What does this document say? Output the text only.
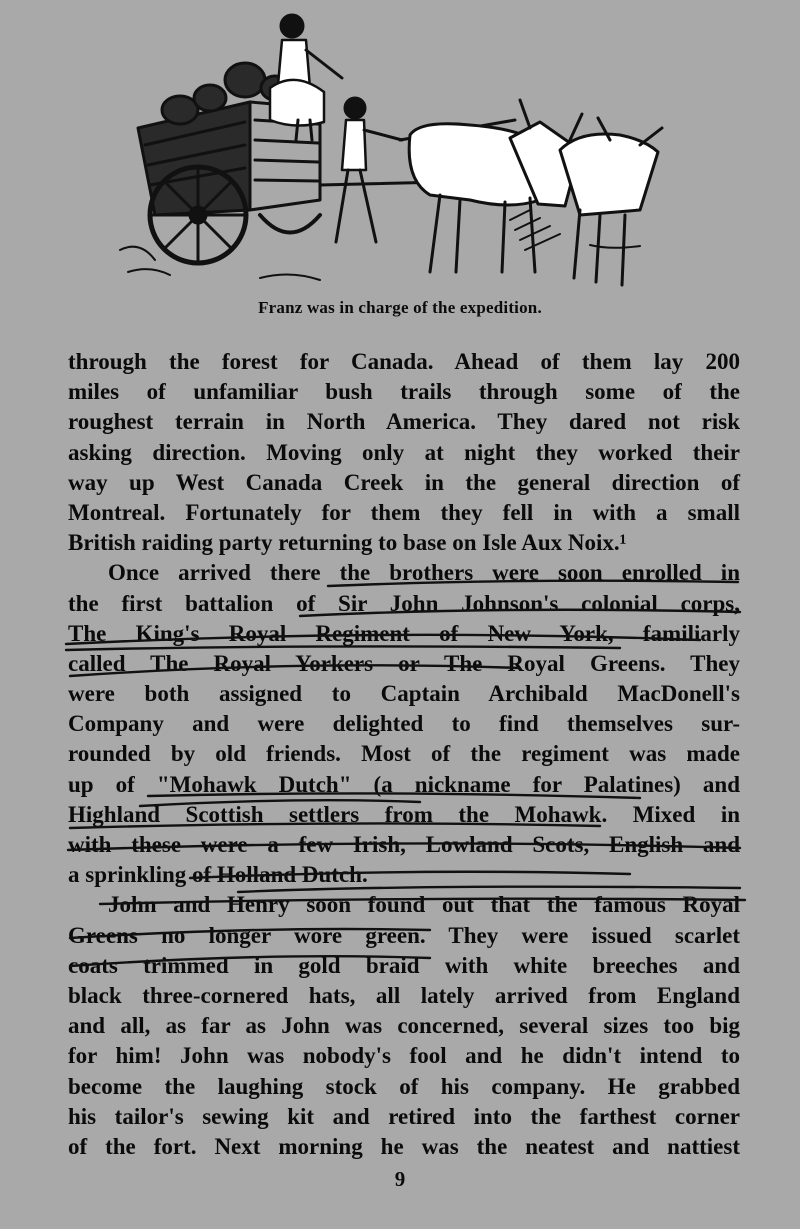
Franz was in charge of the expedition.
through the forest for Canada. Ahead of them lay 200
miles of unfamiliar bush trails through some of the
roughest terrain in North America. They dared not risk
asking direction. Moving only at night they worked their
way up West Canada Creek in the general direction of
Montreal. Fortunately for them they fell in with a small
British raiding party returning to base on Isle Aux Noix.¹
Once arrived there the brothers were soon enrolled in
the first battalion of Sir John Johnson's colonial corps,
The King's Royal Regiment of New York, familiarly
called The Royal Yorkers or The Royal Greens. They
were both assigned to Captain Archibald MacDonell's
Company and were delighted to find themselves sur-
rounded by old friends. Most of the regiment was made
up of "Mohawk Dutch" (a nickname for Palatines) and
Highland Scottish settlers from the Mohawk. Mixed in
with these were a few Irish, Lowland Scots, English and
a sprinkling of Holland Dutch.
John and Henry soon found out that the famous Royal
Greens no longer wore green. They were issued scarlet
coats trimmed in gold braid with white breeches and
black three-cornered hats, all lately arrived from England
and all, as far as John was concerned, several sizes too big
for him! John was nobody's fool and he didn't intend to
become the laughing stock of his company. He grabbed
his tailor's sewing kit and retired into the farthest corner
of the fort. Next morning he was the neatest and nattiest
9
